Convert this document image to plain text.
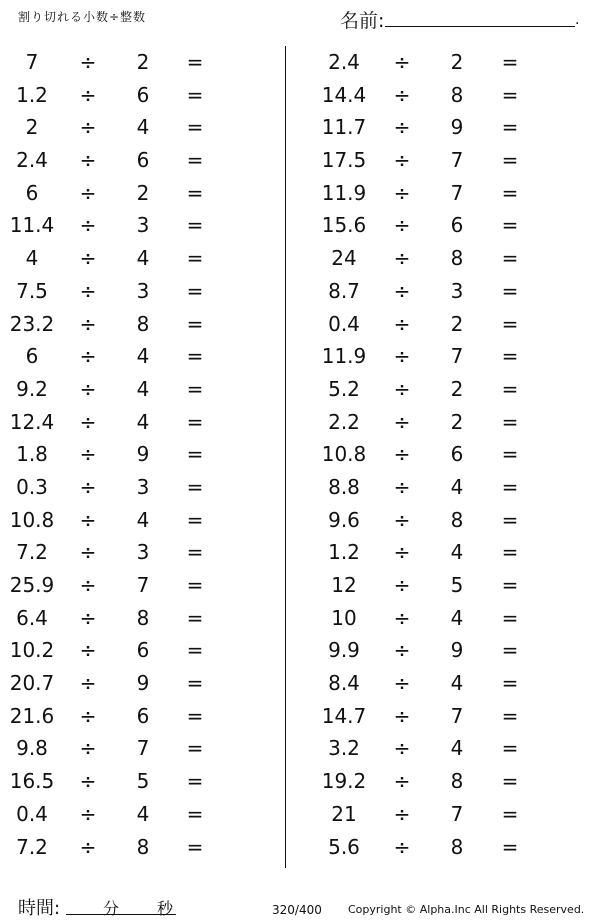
割り切れる小数÷整数	名前:	.
7	÷	2	=
1.2	÷	6	=
2	÷	4	=
2.4	÷	6	=
6	÷	2	=
11.4	÷	3	=
4	÷	4	=
7.5	÷	3	=
23.2	÷	8	=
6	÷	4	=
9.2	÷	4	=
12.4	÷	4	=
1.8	÷	9	=
0.3	÷	3	=
10.8	÷	4	=
7.2	÷	3	=
25.9	÷	7	=
6.4	÷	8	=
10.2	÷	6	=
20.7	÷	9	=
21.6	÷	6	=
9.8	÷	7	=
16.5	÷	5	=
0.4	÷	4	=
7.2	÷	8	=
2.4	÷	2	=
14.4	÷	8	=
11.7	÷	9	=
17.5	÷	7	=
11.9	÷	7	=
15.6	÷	6	=
24	÷	8	=
8.7	÷	3	=
0.4	÷	2	=
11.9	÷	7	=
5.2	÷	2	=
2.2	÷	2	=
10.8	÷	6	=
8.8	÷	4	=
9.6	÷	8	=
1.2	÷	4	=
12	÷	5	=
10	÷	4	=
9.9	÷	9	=
8.4	÷	4	=
14.7	÷	7	=
3.2	÷	4	=
19.2	÷	8	=
21	÷	7	=
5.6	÷	8	=
時間:	分 秒	320/400 Copyright © Alpha.Inc All Rights Reserved.
